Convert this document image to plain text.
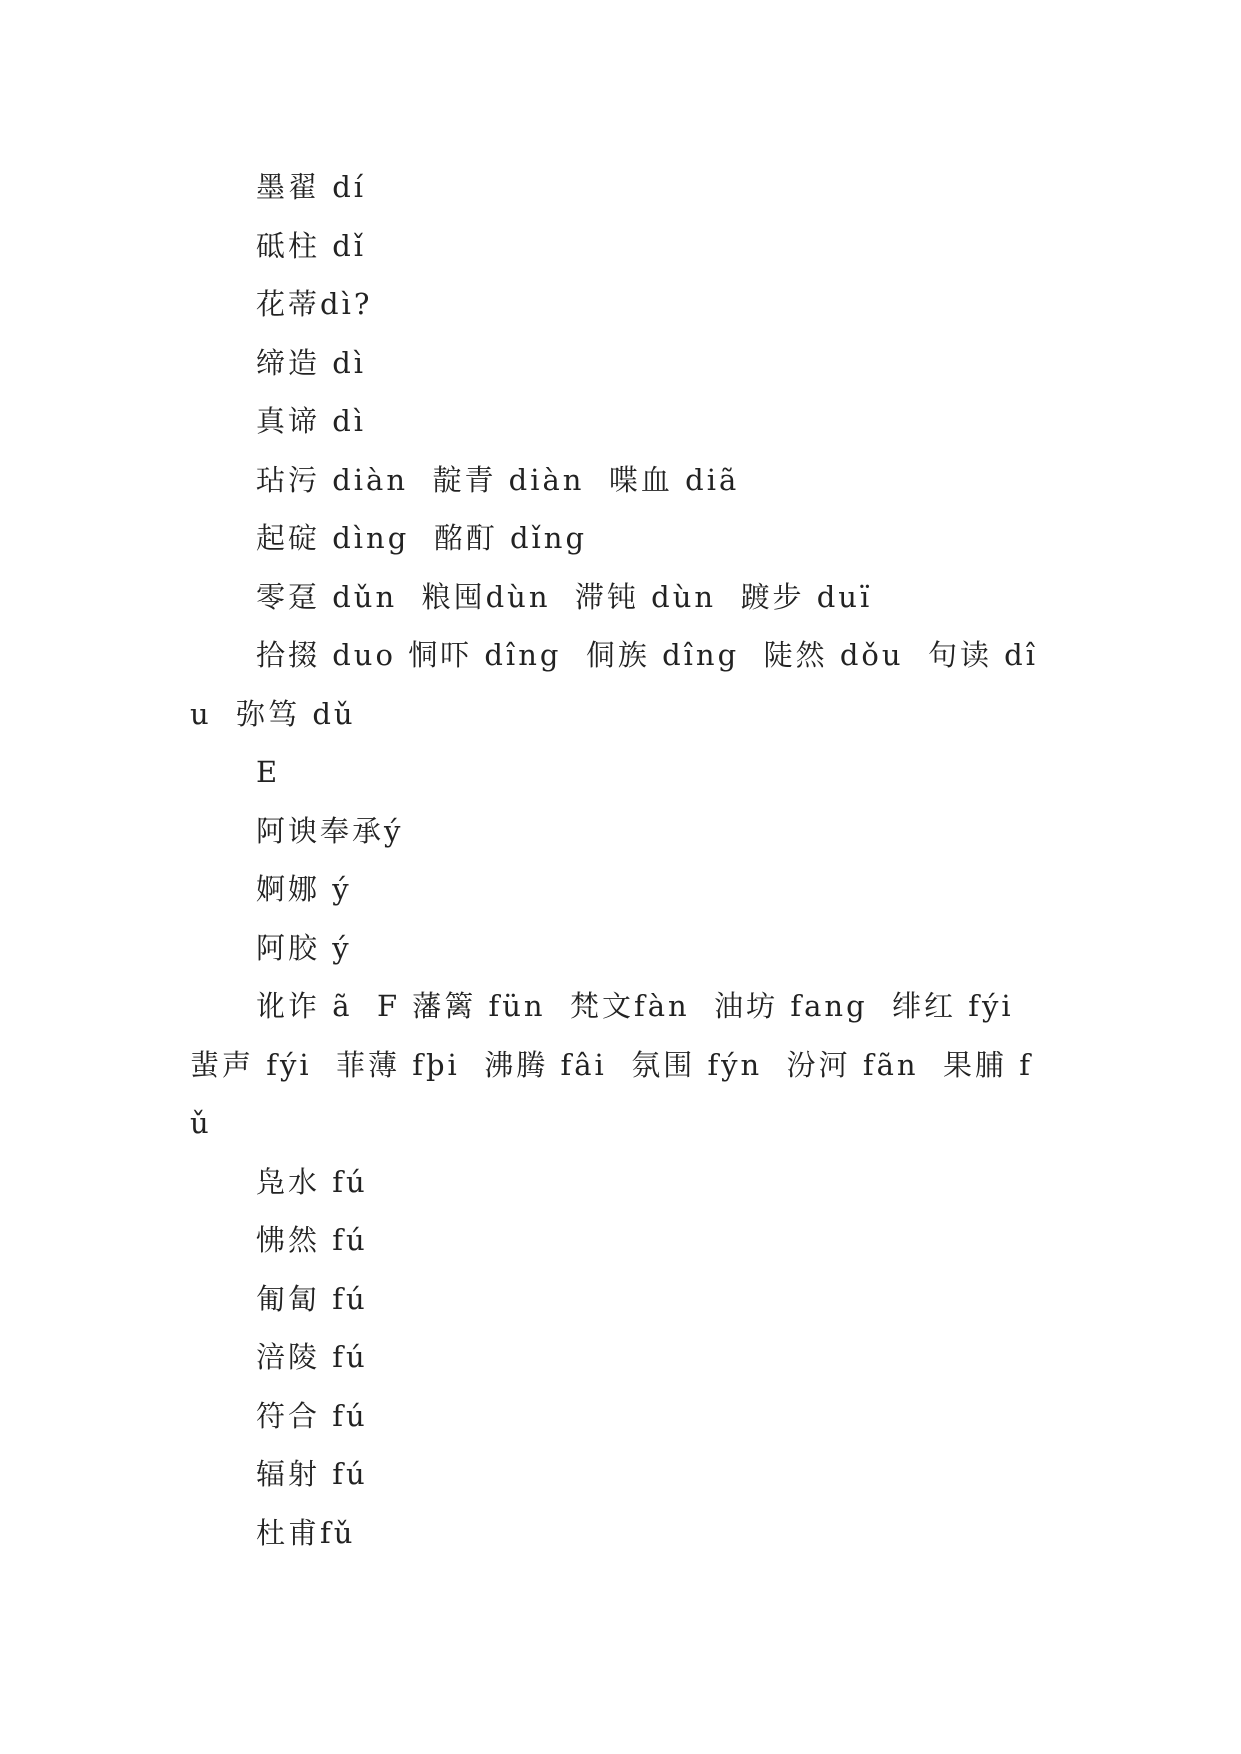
墨翟 dí

砥柱 dǐ

花蒂dì?

缔造 dì

真谛 dì

玷污 diàn  靛青 diàn  喋血 diã

起碇 dìng  酩酊 dǐng

零趸 dǔn  粮囤dùn  滞钝 dùn  踱步 duï

拾掇 duo 恫吓 dîng  侗族 dîng  陡然 dǒu  句读 dîu  弥笃 dǔ

E

阿谀奉承ý

婀娜 ý

阿胶 ý

讹诈 ã  F 藩篱 fün  梵文fàn  油坊 fang  绯红 fýi  蜚声 fýi  菲薄 fþi  沸腾 fâi  氛围 fýn  汾河 fãn  果脯 fǔ

凫水 fú

怫然 fú

匍匐 fú

涪陵 fú

符合 fú

辐射 fú

杜甫fǔ
